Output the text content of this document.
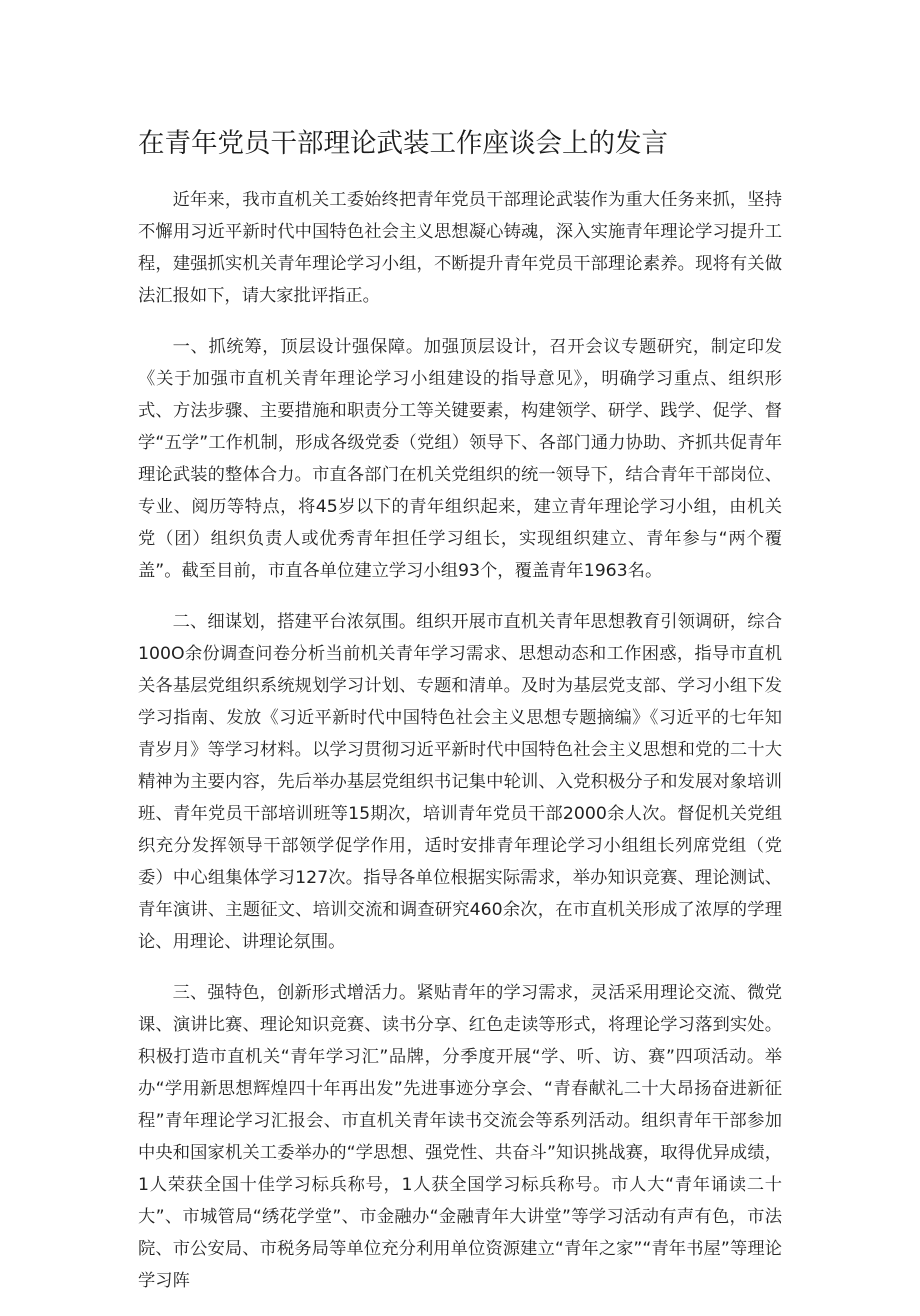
在青年党员干部理论武装工作座谈会上的发言

近年来，我市直机关工委始终把青年党员干部理论武装作为重大任务来抓，坚持不懈用习近平新时代中国特色社会主义思想凝心铸魂，深入实施青年理论学习提升工程，建强抓实机关青年理论学习小组，不断提升青年党员干部理论素养。现将有关做法汇报如下，请大家批评指正。

一、抓统筹，顶层设计强保障。加强顶层设计，召开会议专题研究，制定印发《关于加强市直机关青年理论学习小组建设的指导意见》，明确学习重点、组织形式、方法步骤、主要措施和职责分工等关键要素，构建领学、研学、践学、促学、督学“五学”工作机制，形成各级党委（党组）领导下、各部门通力协助、齐抓共促青年理论武装的整体合力。市直各部门在机关党组织的统一领导下，结合青年干部岗位、专业、阅历等特点，将45岁以下的青年组织起来，建立青年理论学习小组，由机关党（团）组织负责人或优秀青年担任学习组长，实现组织建立、青年参与“两个覆盖”。截至目前，市直各单位建立学习小组93个，覆盖青年1963名。

二、细谋划，搭建平台浓氛围。组织开展市直机关青年思想教育引领调研，综合100O余份调查问卷分析当前机关青年学习需求、思想动态和工作困惑，指导市直机关各基层党组织系统规划学习计划、专题和清单。及时为基层党支部、学习小组下发学习指南、发放《习近平新时代中国特色社会主义思想专题摘编》《习近平的七年知青岁月》等学习材料。以学习贯彻习近平新时代中国特色社会主义思想和党的二十大精神为主要内容，先后举办基层党组织书记集中轮训、入党积极分子和发展对象培训班、青年党员干部培训班等15期次，培训青年党员干部2000余人次。督促机关党组织充分发挥领导干部领学促学作用，适时安排青年理论学习小组组长列席党组（党委）中心组集体学习127次。指导各单位根据实际需求，举办知识竞赛、理论测试、青年演讲、主题征文、培训交流和调查研究460余次，在市直机关形成了浓厚的学理论、用理论、讲理论氛围。

三、强特色，创新形式增活力。紧贴青年的学习需求，灵活采用理论交流、微党课、演讲比赛、理论知识竞赛、读书分享、红色走读等形式，将理论学习落到实处。积极打造市直机关“青年学习汇”品牌，分季度开展“学、听、访、赛”四项活动。举办“学用新思想辉煌四十年再出发”先进事迹分享会、“青春献礼二十大昂扬奋进新征程”青年理论学习汇报会、市直机关青年读书交流会等系列活动。组织青年干部参加中央和国家机关工委举办的“学思想、强党性、共奋斗”知识挑战赛，取得优异成绩，1人荣获全国十佳学习标兵称号，1人获全国学习标兵称号。市人大“青年诵读二十大”、市城管局“绣花学堂”、市金融办“金融青年大讲堂”等学习活动有声有色，市法院、市公安局、市税务局等单位充分利用单位资源建立“青年之家”“青年书屋”等理论学习阵
